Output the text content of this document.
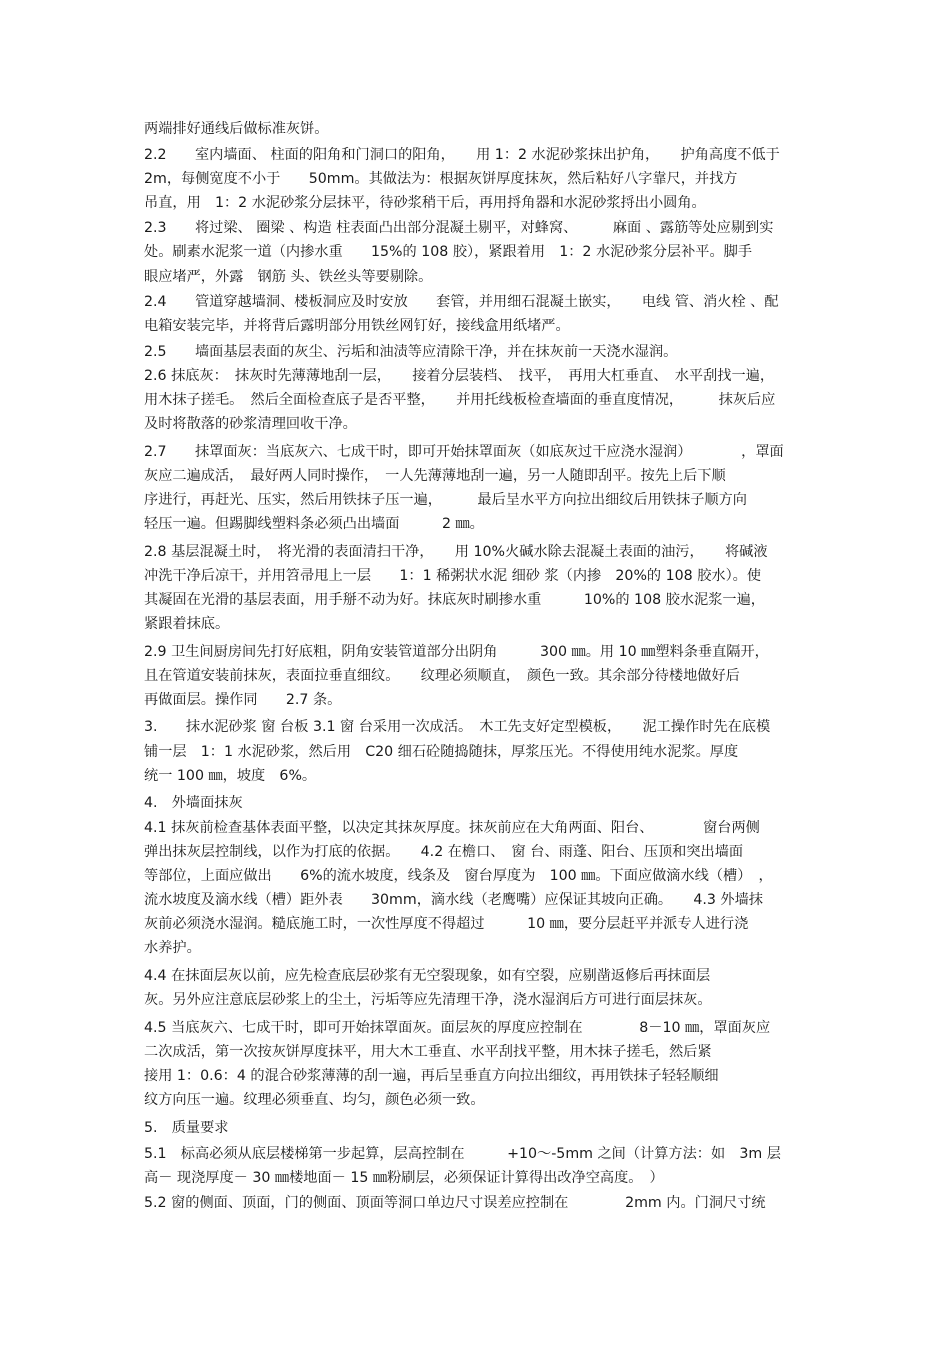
两端排好通线后做标准灰饼。
2.2　　室内墙面、 柱面的阳角和门洞口的阳角，　　用 1：2 水泥砂浆抹出护角，　　护角高度不低于
2m，每侧宽度不小于　　50mm。其做法为：根据灰饼厚度抹灰，然后粘好八字靠尺，并找方
吊直，用　1：2 水泥砂浆分层抹平，待砂浆稍干后，再用捋角器和水泥砂浆捋出小圆角。
2.3　　将过梁、 圈梁 、构造 柱表面凸出部分混凝土剔平，对蜂窝、　　　麻面 、露筋等处应剔到实
处。刷素水泥浆一道（内掺水重　　15%的 108 胶），紧跟着用　1：2 水泥砂浆分层补平。脚手
眼应堵严，外露　钢筋 头、铁丝头等要剔除。
2.4　　管道穿越墙洞、楼板洞应及时安放　　套管，并用细石混凝土嵌实，　　电线 管、消火栓 、配
电箱安装完毕，并将背后露明部分用铁丝网钉好，接线盒用纸堵严。
2.5　　墙面基层表面的灰尘、污垢和油渍等应清除干净，并在抹灰前一天浇水湿润。
2.6 抹底灰：　抹灰时先薄薄地刮一层，　　接着分层装档、　找平，　再用大杠垂直、　水平刮找一遍，
用木抹子搓毛。　然后全面检查底子是否平整，　　并用托线板检查墙面的垂直度情况，　　　抹灰后应
及时将散落的砂浆清理回收干净。
2.7　　抹罩面灰：当底灰六、七成干时，即可开始抹罩面灰（如底灰过干应浇水湿润）　　　　，罩面
灰应二遍成活，　最好两人同时操作，　一人先薄薄地刮一遍，另一人随即刮平。按先上后下顺
序进行，再赶光、压实，然后用铁抹子压一遍，　　　最后呈水平方向拉出细纹后用铁抹子顺方向
轻压一遍。但踢脚线塑料条必须凸出墙面　　　2 ㎜。
2.8 基层混凝土时，　将光滑的表面清扫干净，　　用 10%火碱水除去混凝土表面的油污，　　将碱液
冲洗干净后凉干，并用笤帚甩上一层　　1：1 稀粥状水泥 细砂 浆（内掺　20%的 108 胶水）。使
其凝固在光滑的基层表面，用手掰不动为好。抹底灰时刷掺水重　　　10%的 108 胶水泥浆一遍，
紧跟着抹底。
2.9 卫生间厨房间先打好底粗，阴角安装管道部分出阴角　　　300 ㎜。用 10 ㎜塑料条垂直隔开，
且在管道安装前抹灰，表面拉垂直细纹。　　纹理必须顺直，　颜色一致。其余部分待楼地做好后
再做面层。操作同　　2.7 条。
3.　　抹水泥砂浆 窗 台板 3.1 窗 台采用一次成活。　木工先支好定型模板，　　泥工操作时先在底模
铺一层　1：1 水泥砂浆，然后用　C20 细石砼随捣随抹，厚浆压光。不得使用纯水泥浆。厚度
统一 100 ㎜，坡度　6%。
4.　外墙面抹灰
4.1 抹灰前检查基体表面平整，以决定其抹灰厚度。抹灰前应在大角两面、阳台、　　　　窗台两侧
弹出抹灰层控制线，以作为打底的依据。　　4.2 在檐口、　窗 台、雨蓬、阳台、压顶和突出墙面
等部位，上面应做出　　6%的流水坡度，线条及　窗台厚度为　100 ㎜。下面应做滴水线（槽）　，
流水坡度及滴水线（槽）距外表　　30mm，滴水线（老鹰嘴）应保证其坡向正确。　　4.3 外墙抹
灰前必须浇水湿润。糙底施工时，一次性厚度不得超过　　　10 ㎜，要分层赶平并派专人进行浇
水养护。
4.4 在抹面层灰以前，应先检查底层砂浆有无空裂现象，如有空裂，应剔凿返修后再抹面层
灰。另外应注意底层砂浆上的尘土，污垢等应先清理干净，浇水湿润后方可进行面层抹灰。
4.5 当底灰六、七成干时，即可开始抹罩面灰。面层灰的厚度应控制在　　　　8－10 ㎜，罩面灰应
二次成活，第一次按灰饼厚度抹平，用大木工垂直、水平刮找平整，用木抹子搓毛，然后紧
接用 1：0.6：4 的混合砂浆薄薄的刮一遍，再后呈垂直方向拉出细纹，再用铁抹子轻轻顺细
纹方向压一遍。纹理必须垂直、均匀，颜色必须一致。
5.　质量要求
5.1　标高必须从底层楼梯第一步起算，层高控制在　　　+10～-5mm 之间（计算方法：如　3m 层
高－ 现浇厚度－ 30 ㎜楼地面－ 15 ㎜粉刷层，必须保证计算得出改净空高度。　）
5.2 窗的侧面、顶面，门的侧面、顶面等洞口单边尺寸误差应控制在　　　　2mm 内。门洞尺寸统
